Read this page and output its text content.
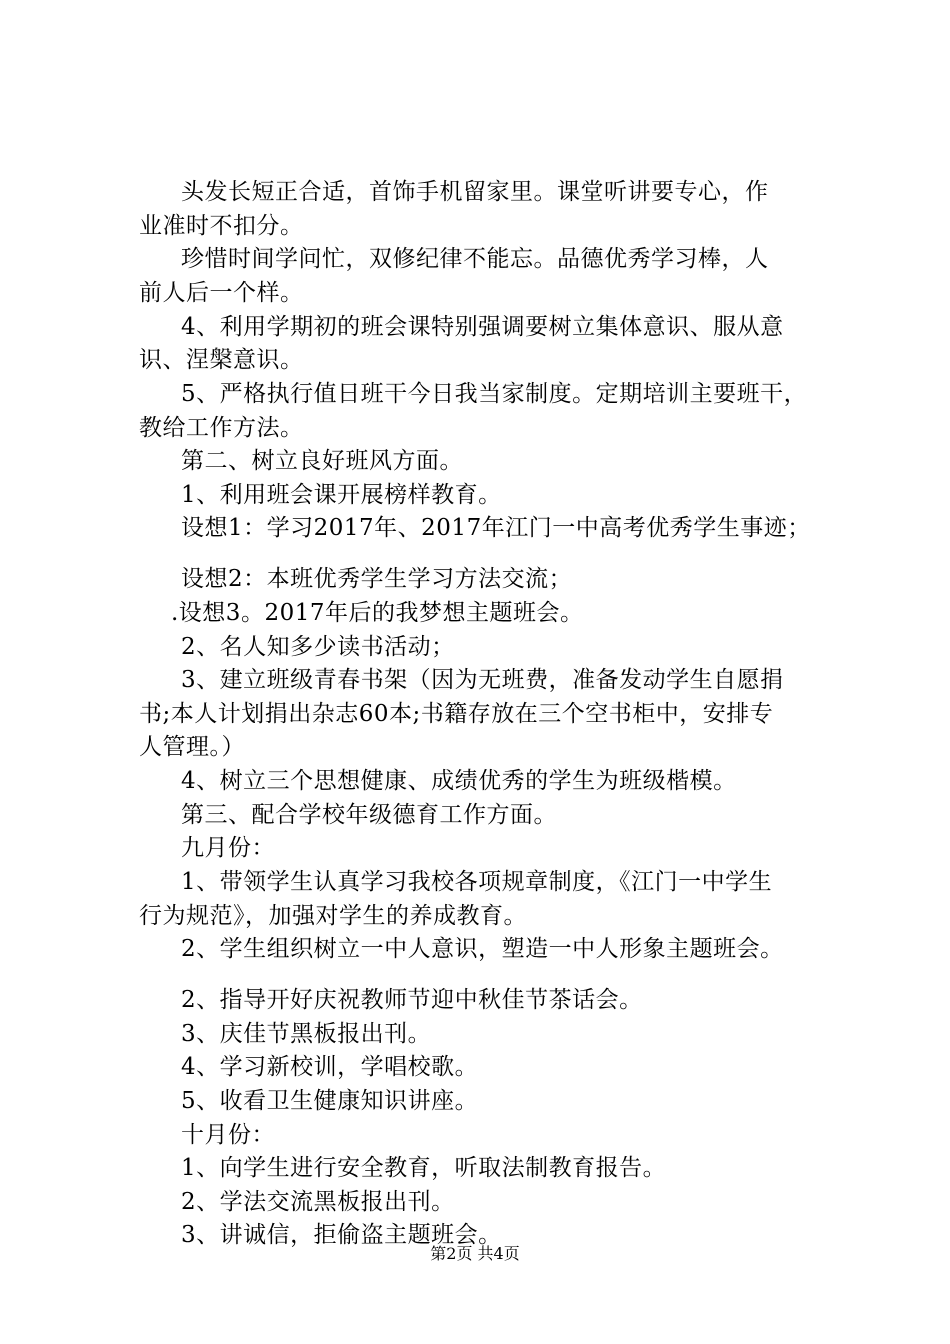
头发长短正合适，首饰手机留家里。课堂听讲要专心，作
业准时不扣分。
珍惜时间学问忙，双修纪律不能忘。品德优秀学习棒，人
前人后一个样。
4、利用学期初的班会课特别强调要树立集体意识、服从意
识、涅槃意识。
5、严格执行值日班干今日我当家制度。定期培训主要班干，
教给工作方法。
第二、树立良好班风方面。
1、利用班会课开展榜样教育。
设想1：学习2017年、2017年江门一中高考优秀学生事迹；
设想2：本班优秀学生学习方法交流；
.设想3。2017年后的我梦想主题班会。
2、名人知多少读书活动；
3、建立班级青春书架（因为无班费，准备发动学生自愿捐
书;本人计划捐出杂志60本;书籍存放在三个空书柜中，安排专
人管理。）
4、树立三个思想健康、成绩优秀的学生为班级楷模。
第三、配合学校年级德育工作方面。
九月份：
1、带领学生认真学习我校各项规章制度，《江门一中学生
行为规范》，加强对学生的养成教育。
2、学生组织树立一中人意识，塑造一中人形象主题班会。
2、指导开好庆祝教师节迎中秋佳节茶话会。
3、庆佳节黑板报出刊。
4、学习新校训，学唱校歌。
5、收看卫生健康知识讲座。
十月份：
1、向学生进行安全教育，听取法制教育报告。
2、学法交流黑板报出刊。
3、讲诚信，拒偷盗主题班会。
第2页 共4页
